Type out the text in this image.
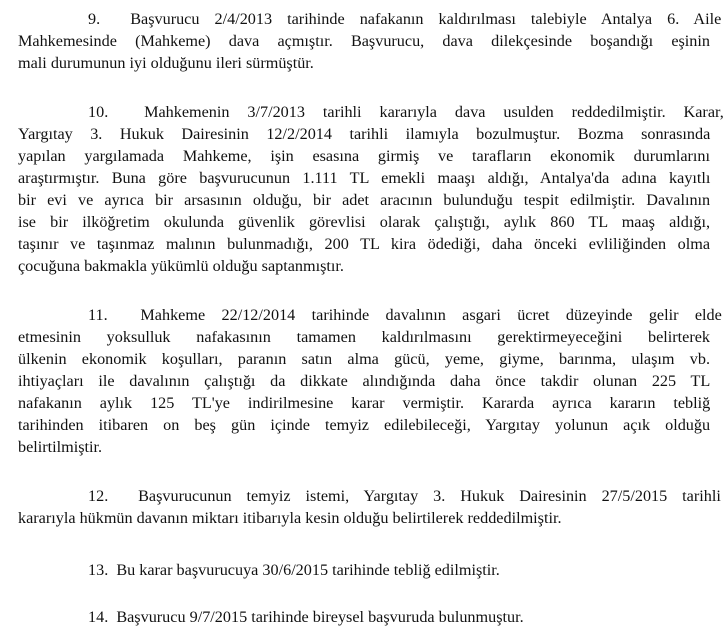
9. Başvurucu 2/4/2013 tarihinde nafakanın kaldırılması talebiyle Antalya 6. Aile
Mahkemesinde (Mahkeme) dava açmıştır. Başvurucu, dava dilekçesinde boşandığı eşinin
mali durumunun iyi olduğunu ileri sürmüştür.
10. Mahkemenin 3/7/2013 tarihli kararıyla dava usulden reddedilmiştir. Karar,
Yargıtay 3. Hukuk Dairesinin 12/2/2014 tarihli ilamıyla bozulmuştur. Bozma sonrasında
yapılan yargılamada Mahkeme, işin esasına girmiş ve tarafların ekonomik durumlarını
araştırmıştır. Buna göre başvurucunun 1.111 TL emekli maaşı aldığı, Antalya'da adına kayıtlı
bir evi ve ayrıca bir arsasının olduğu, bir adet aracının bulunduğu tespit edilmiştir. Davalının
ise bir ilköğretim okulunda güvenlik görevlisi olarak çalıştığı, aylık 860 TL maaş aldığı,
taşınır ve taşınmaz malının bulunmadığı, 200 TL kira ödediği, daha önceki evliliğinden olma
çocuğuna bakmakla yükümlü olduğu saptanmıştır.
11. Mahkeme 22/12/2014 tarihinde davalının asgari ücret düzeyinde gelir elde
etmesinin yoksulluk nafakasının tamamen kaldırılmasını gerektirmeyeceğini belirterek
ülkenin ekonomik koşulları, paranın satın alma gücü, yeme, giyme, barınma, ulaşım vb.
ihtiyaçları ile davalının çalıştığı da dikkate alındığında daha önce takdir olunan 225 TL
nafakanın aylık 125 TL'ye indirilmesine karar vermiştir. Kararda ayrıca kararın tebliğ
tarihinden itibaren on beş gün içinde temyiz edilebileceği, Yargıtay yolunun açık olduğu
belirtilmiştir.
12. Başvurucunun temyiz istemi, Yargıtay 3. Hukuk Dairesinin 27/5/2015 tarihli
kararıyla hükmün davanın miktarı itibarıyla kesin olduğu belirtilerek reddedilmiştir.
13. Bu karar başvurucuya 30/6/2015 tarihinde tebliğ edilmiştir.
14. Başvurucu 9/7/2015 tarihinde bireysel başvuruda bulunmuştur.
